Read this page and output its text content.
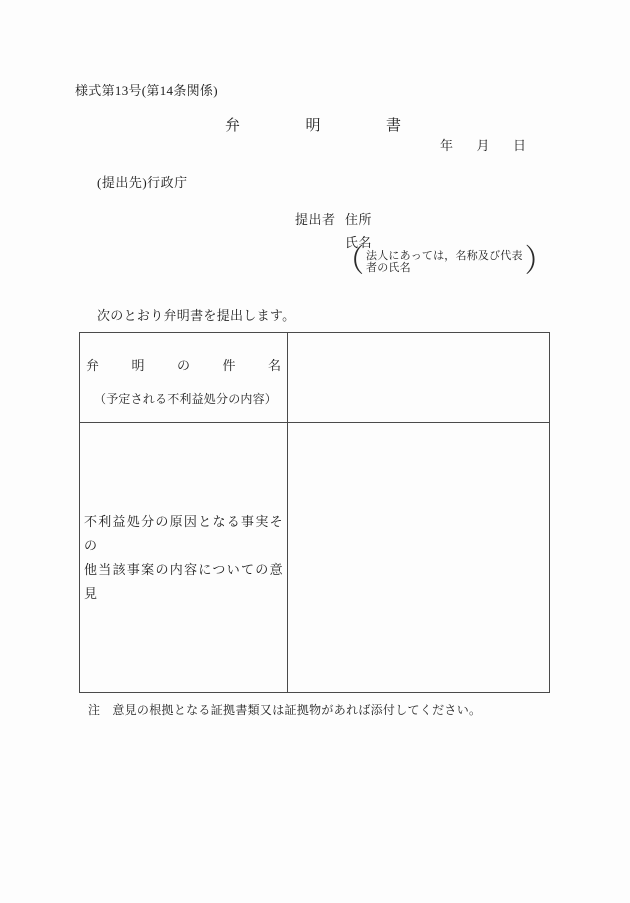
様式第13号(第14条関係)
弁	明	書
年 月 日
(提出先)行政庁
提出者 住所
氏名
（ 法人にあっては，名称及び代表
者の氏名	）
次のとおり弁明書を提出します。
弁 明 の 件 名
（予定される不利益処分の内容）
不利益処分の原因となる事実その
他当該事案の内容についての意見
注 意見の根拠となる証拠書類又は証拠物があれば添付してください。
